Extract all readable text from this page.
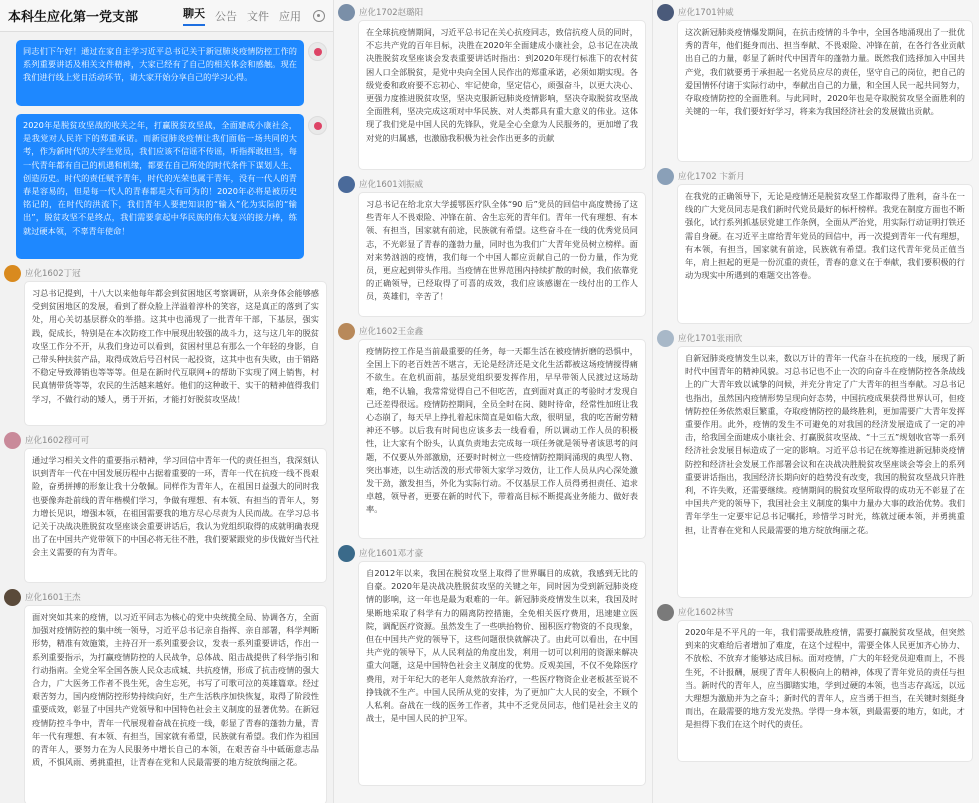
本科生应化第一党支部	聊天 公告 文件 应用
同志们下午好！通过在家自主学习近平总书记关于新冠肺炎疫情防控工作的系列重要讲话及相关文件精神，大家已经有了自己的相关体会和感触。现在我们进行线上党日活动环节，请大家开始分享自己的学习心得。
2020年是脱贫攻坚战的收关之年，打赢脱贫攻坚战，全面建成小康社会，是我党对人民许下的郑重承诺。而新冠肺炎疫情让我们面临一场共同的大考，作为新时代的大学生党员，我们应该不信谣不传谣，听指挥敢担当，每一代青年都有自己的机遇和机缘，都要在自己所处的时代条件下谋划人生、创造历史。时代的责任赋予青年，时代的光荣也属于青年，没有一代人的青春是容易的，但是每一代人的青春都是大有可为的！2020年必将是被历史铭记的，在时代的洪流下，我们青年人要把知识的“输入”化为实际的“输出”，脱贫攻坚不是终点，我们需要拿起中华民族的伟大复兴的接力棒，练就过硬本领，不辜青年使命！
应化1602丁冠
习总书记提到，十八大以来他每年都会到贫困地区考察调研，从亲身体会能够感受到贫困地区的发展，看到了群众脸上洋溢着淳朴的笑容，这是真正的落到了实处，用心关切基层群众的举措。这其中也涌现了一批青年干部，下基层，强实践，促成长，特别是在本次防疫工作中展现出较强的战斗力，这与这几年的脱贫攻坚工作分不开，从我们身边可以看到，贫困村里总有那么一个年轻的身影，自己带头种扶贫产品，取得成效后号召村民一起投资，这其中也有失败，由于销路不稳定导致滞销也等等等。但是在新时代互联网+的帮助下实现了网上销售，村民真情带货等等，农民的生活越来越好。他们的这种敢干、实干的精神值得我们学习，不做行动的矮人，勇于开拓，才能打好脱贫攻坚战！
应化1602穆可可
通过学习相关文件的重要指示精神，学习回信中青年一代的责任担当，我深刻认识到青年一代在中国发展历程中占据着重要的一环，青年一代在抗疫一线不畏艰险，奋勇拼搏的形象让我十分敬佩。同样作为青年人，在祖国日益强大的同时我也要像奔赴前线的青年楷模们学习，争做有理想、有本领、有担当的青年人，努力增长见识，增强本领，在祖国需要我的地方尽心尽责为人民而战。在学习总书记关于决战决胜脱贫攻坚座谈会重要讲话后，我认为党组织取得的成就明确表现出了在中国共产党带领下的中国必将无往不胜，我们要紧跟党的步伐做好当代社会主义需要的有为青年。
应化1601王杰
面对突如其来的疫情，以习近平同志为核心的党中央统揽全局、协调各方，全面加强对疫情防控的集中统一领导，习近平总书记亲自指挥、亲自部署，科学判断形势，精准有效施策，主持召开一系列重要会议，发表一系列重要讲话，作出一系列重要指示，为打赢疫情防控的人民战争，总体战、阻击战提供了科学指引和行动指南。全党全军全国各族人民众志成城、共抗疫情，形成了抗击疫情的强大合力，广大医务工作者不畏生死，舍生忘死，书写了可歌可泣的英雄篇章。经过艰苦努力，国内疫情防控形势持续向好，生产生活秩序加快恢复，取得了阶段性重要成效，彰显了中国共产党领导和中国特色社会主义制度的显著优势。在新冠疫情防控斗争中，青年一代展现着奋战在抗疫一线，彰显了青春的蓬勃力量，青年一代有理想、有本领、有担当，国家就有希望，民族就有希望。我们作为祖国的青年人，要努力在为人民服务中增长自己的本领，在艰苦奋斗中砥砺意志品质，不惧风雨、勇挑重担，让青春在党和人民最需要的地方绽放绚丽之花。
应化1702赵璐阳
在全球抗疫情期间，习近平总书记在关心抗疫同志，致信抗疫人员的同时，不忘共产党的百年目标，决胜在2020年全面建成小康社会，总书记在决战决胜脱贫攻坚座谈会发表重要讲话时指出：到2020年现行标准下的农村贫困人口全部脱贫，是党中央向全国人民作出的郑重承诺，必须如期实现。各级党委和政府要不忘初心、牢记使命，坚定信心，顽强奋斗，以更大决心、更强力度推进脱贫攻坚，坚决克服新冠肺炎疫情影响，坚决夺取脱贫攻坚战全面胜利，坚决完成这项对中华民族、对人类都具有重大意义的伟业。这体现了我们党是中国人民的先锋队，党是全心全意为人民服务的，更加增了我对党的归属感，也激励我积极为社会作出更多的贡献
应化1601刘振威
习总书记在给北京大学援鄂医疗队全体“90 后”党员的回信中高度赞扬了这些青年人不畏艰险、冲锋在前、舍生忘死的青年们。青年一代有理想、有本领、有担当，国家就有前途，民族就有希望。这些奋斗在一线的优秀党员同志，不光彰显了青春的蓬勃力量，同时也为我们广大青年党员树立榜样。面对来势汹汹的疫情，我们每一个中国人都应贡献自己的一份力量，作为党员，更应起到带头作用。当疫情在世界范围内持续扩散的时候，我们依靠党的正确领导，已经取得了可喜的成效，我们应该感谢在一线付出的工作人员，英雄们，辛苦了！
应化1602王金鑫
疫情防控工作是当前最重要的任务，每一天都生活在被疫情折磨的恐惧中，全国上下的老百姓苦不堪言，无论是经济还是文化生活都被这场疫情搅得痛不欲生。在危机面前，基层党组织要发挥作用，早早带领人民渡过这场劫难，绝不认输，我常常觉得自己不但吃苦，直到面对真正的考验时才发现自己还差得很远。疫情防控期间，全员全时在岗、随时待命，经常性加班让我心态崩了，每天早上挣扎着起床简直是如临大敌，很明显，我的吃苦耐劳精神还不够。以后我有时间也应该多去一线看看，所以调动工作人员的积极性，让大家有个盼头，认真负责地去完成每一项任务就是领导者该思考的问题，不仅要从外部激励，还要时时树立一些疫情防控期间涌现的典型人物、突出事迹，以生动活泼的形式带领大家学习效仿，让工作人员从内心深处激发干劲，激发担当，外化为实际行动。不仅基层工作人员得勇担责任、追求卓越，领导者，更要在新的时代下，带着高目标不断提高业务能力、做好表率。
应化1601邓才豪
自2012年以来，我国在脱贫攻坚上取得了世界瞩目的成就，我感到无比的自豪。2020年是决战决胜脱贫攻坚的关键之年，同时因为受到新冠肺炎疫情的影响，这一年也是最为艰难的一年。新冠肺炎疫情发生以来，我国及时果断地采取了科学有力的隔离防控措施，全免相关医疗费用，迅速建立医院，调配医疗资源。虽然发生了一些哄抬物价、囤积医疗物资的不良现象，但在中国共产党的领导下，这些问题很快就解决了。由此可以看出，在中国共产党的领导下，从人民利益的角度出发，利用一切可以利用的资源来解决重大问题，这是中国特色社会主义制度的优势。反观美国，不仅不免除医疗费用，对于年纪大的老年人竟然放弃治疗，一些医疗物资企业老板甚至说不挣钱就不生产。中国人民所从党的安排，为了更加广大人民的安全，不顾个人私利。奋战在一线的医务工作者，其中不乏党员同志，他们是社会主义的战士，是中国人民的护卫军。
应化1701钟威
这次新冠肺炎疫情爆发期间，在抗击疫情的斗争中，全国各地涌现出了一批优秀的青年，他们挺身而出、担当奉献、不畏艰险、冲锋在前，在各行各业贡献出自己的力量，彰显了新时代中国青年的蓬勃力量。既然我们选择加入中国共产党，我们就要勇于承担起一名党员应尽的责任，坚守自己的岗位，把自己的爱国情怀付诸于实际行动中，奉献出自己的力量，和全国人民一起共同努力，夺取疫情防控的全面胜利。与此同时，2020年也是夺取脱贫攻坚全面胜利的关键的一年，我们要好好学习，将来为我国经济社会的发展做出贡献。
应化1702 卞新月
在我党的正确领导下，无论是疫情还是脱贫攻坚工作都取得了胜利，奋斗在一线的广大党员同志是我们新时代党员最好的标杆榜样。我党在制度方面也不断强化，试行系列抓基层党建工作条例，全面从严治党，用实际行动证明打铁还需自身硬。在习近平主席给青年党员的回信中，再一次提到青年一代有理想，有本领，有担当，国家就有前途，民族就有希望。我们这代青年党员正值当年，肩上担起的更是一份沉重的责任，青春的意义在于奉献，我们要积极的行动为现实中所遇到的难题交出答卷。
应化1701张雨欣
自新冠肺炎疫情发生以来，数以万计的青年一代奋斗在抗疫的一线，展现了新时代中国青年的精神风貌。习总书记也不止一次的向奋斗在疫情防控各条战线上的广大青年致以诚挚的问候，并充分肯定了广大青年的担当奉献。习总书记也指出，虽然国内疫情形势呈现向好态势，中国抗疫成果获得世界认可，但疫情防控任务依然艰巨繁重，夺取疫情防控的最终胜利，更加需要广大青年发挥重要作用。此外，疫情的发生不可避免的对我国的经济发展造成了一定的冲击，给我国全面建成小康社会、打赢脱贫攻坚战、“十三五”规划收官等一系列经济社会发展目标造成了一定的影响。习近平总书记在统筹推进新冠肺炎疫情防控和经济社会发展工作部署会议和在决战决胜脱贫攻坚座谈会等会上的系列重要讲话指出，我国经济长期向好的趋势没有改变，我国的脱贫攻坚战只许胜利，不许失败，还需要继续。疫情期间的脱贫攻坚所取得的成功无不彰显了在中国共产党的领导下，我国社会主义制度的集中力量办大事的政治优势。我们青年学生一定要牢记总书记嘱托，珍惜学习时光，练就过硬本领，并勇挑重担，让青春在党和人民最需要的地方绽放绚丽之花。
应化1602林雪
2020年是不平凡的一年，我们需要战胜疫情，需要打赢脱贫攻坚战，但突然到来的灾难给后者增加了难度，在这个过程中，需要全体人民更加齐心协力、不放松、不放弃才能够达成目标。面对疫情，广大的年轻党员迎难而上，不畏生死，不计报酬，展现了青年人积极向上的精神，体现了青年党员的责任与担当。新时代的青年人，应当脚踏实地，学到过硬的本领，也当志存高远，以远大理想为激励并为之奋斗；新时代的青年人，应当勇于担当，在关键时刻挺身而出，在最需要的地方发光发热。学得一身本领，到最需要的地方，如此，才是担得下我们在这个时代的责任。
